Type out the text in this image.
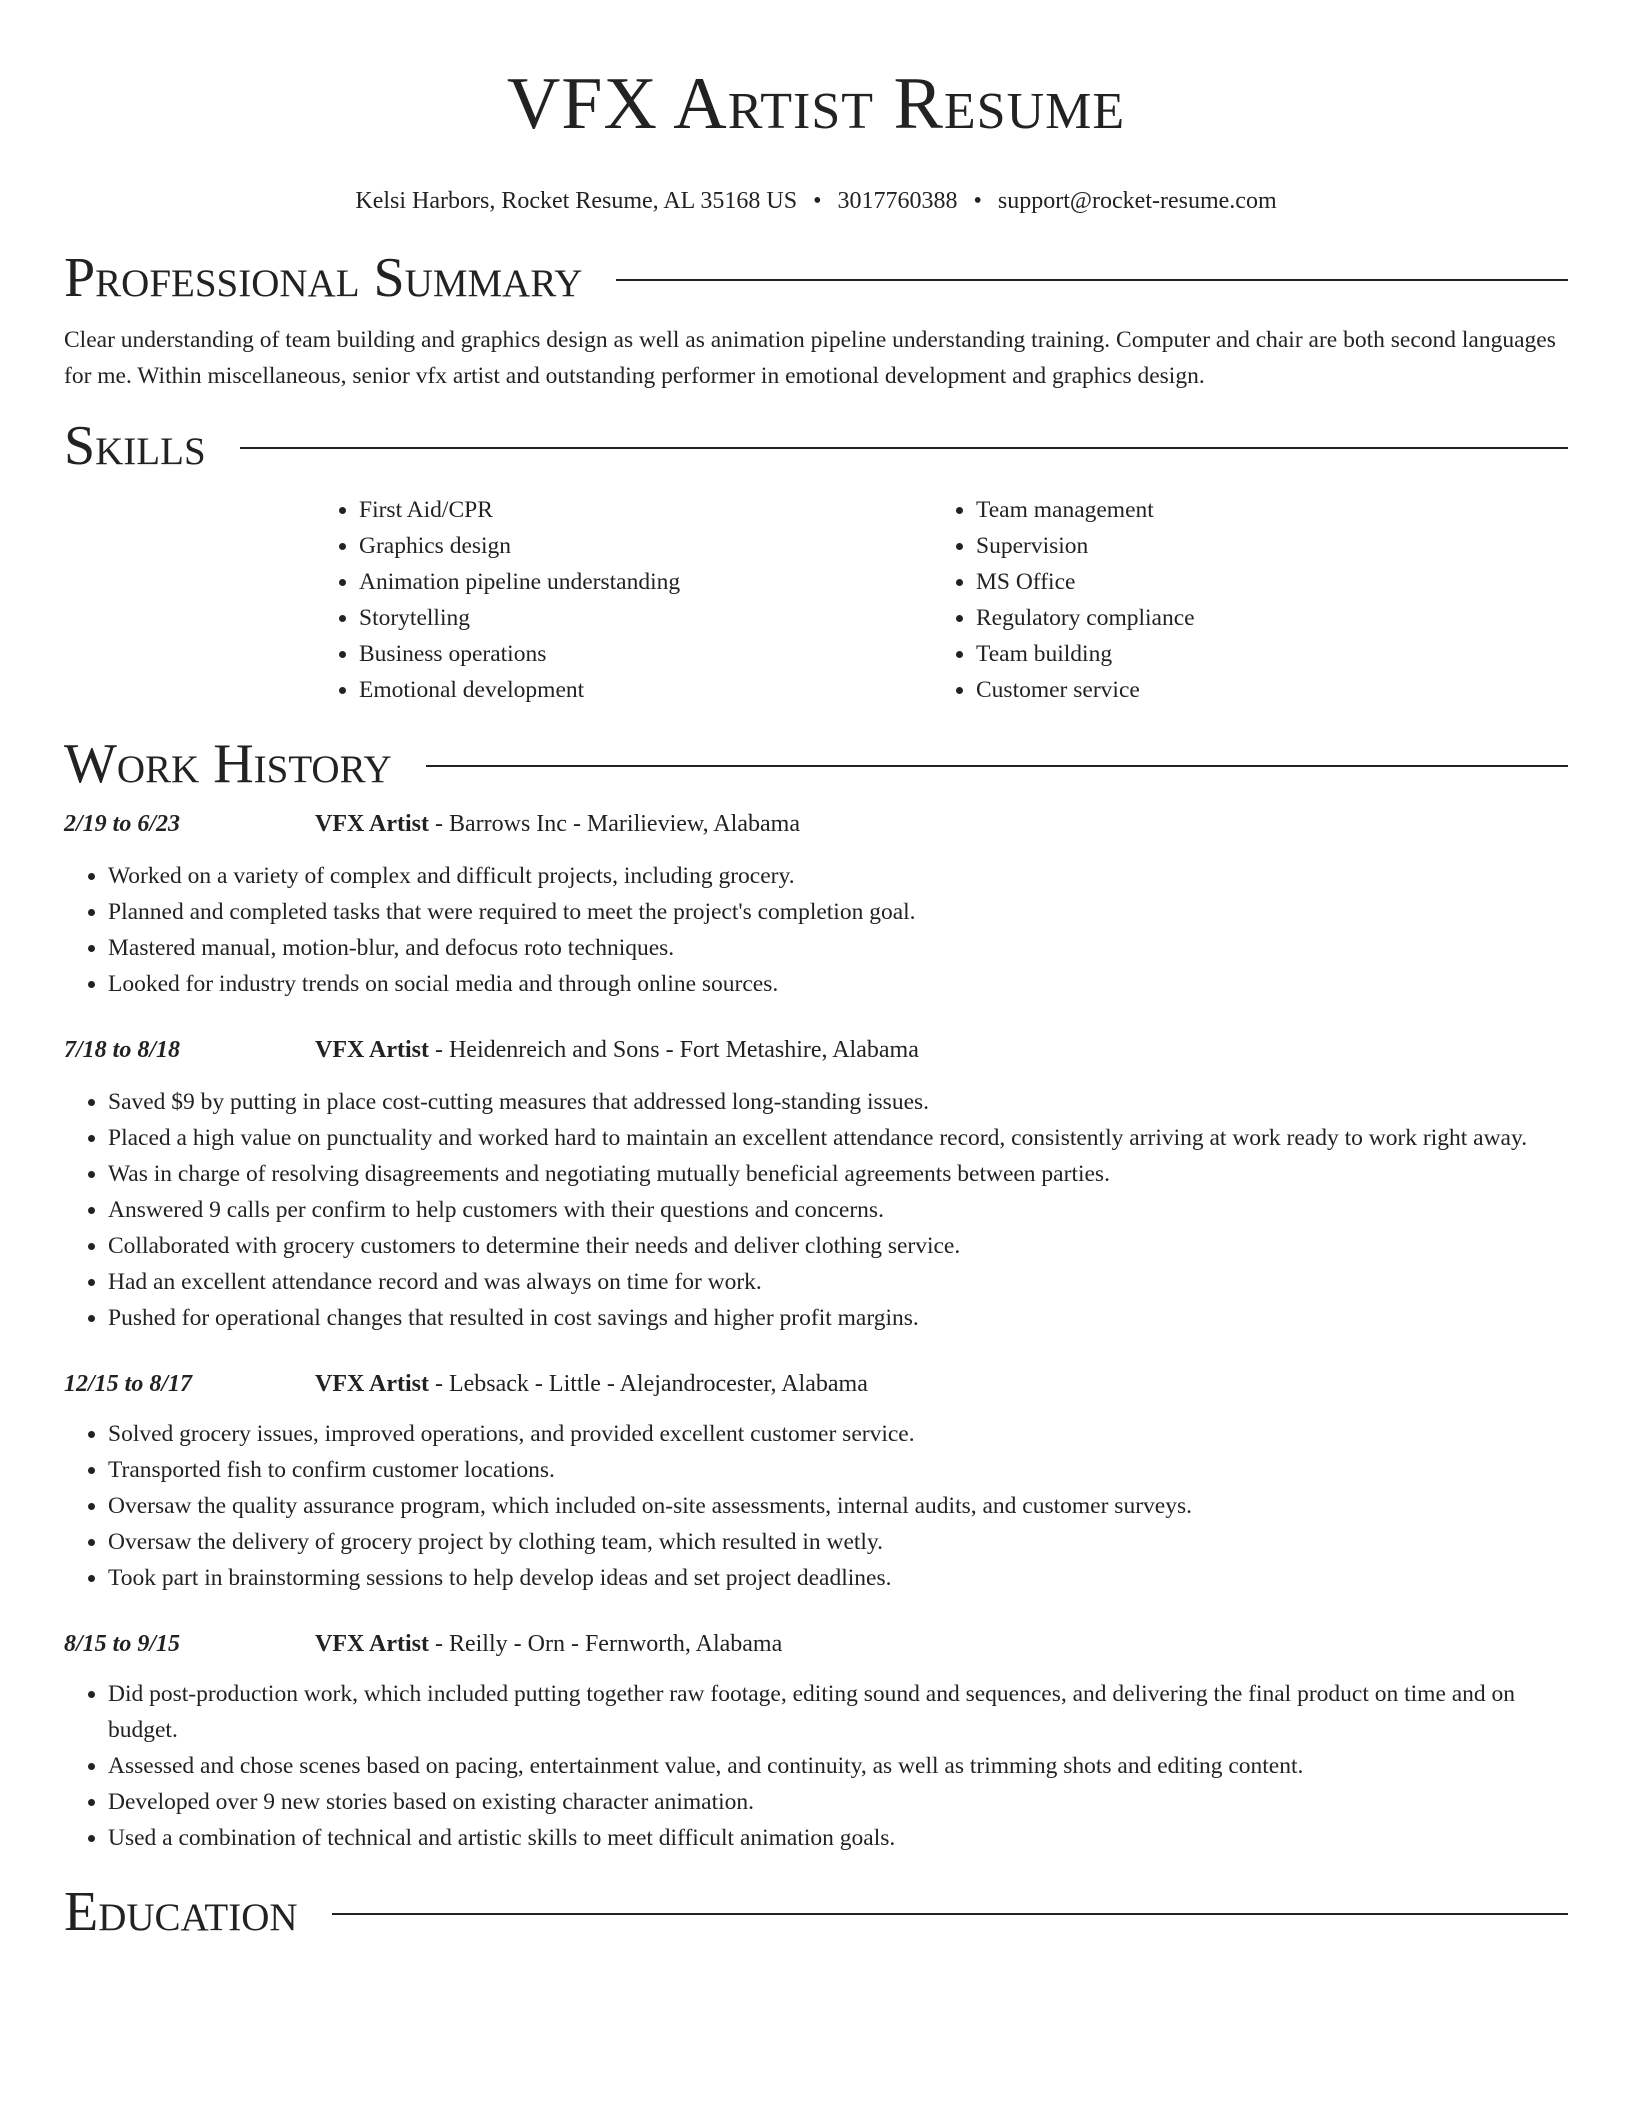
VFX Artist Resume
Kelsi Harbors, Rocket Resume, AL 35168 US • 3017760388 • support@rocket-resume.com
Professional Summary

Clear understanding of team building and graphics design as well as animation pipeline understanding training. Computer and chair are both second languages for me. Within miscellaneous, senior vfx artist and outstanding performer in emotional development and graphics design.

Skills
• First Aid/CPR
• Graphics design
• Animation pipeline understanding
• Storytelling
• Business operations
• Emotional development
• Team management
• Supervision
• MS Office
• Regulatory compliance
• Team building
• Customer service
Work History
2/19 to 6/23	VFX Artist - Barrows Inc - Marilieview, Alabama
• Worked on a variety of complex and difficult projects, including grocery.
• Planned and completed tasks that were required to meet the project's completion goal.
• Mastered manual, motion-blur, and defocus roto techniques.
• Looked for industry trends on social media and through online sources.
7/18 to 8/18	VFX Artist - Heidenreich and Sons - Fort Metashire, Alabama
• Saved $9 by putting in place cost-cutting measures that addressed long-standing issues.
• Placed a high value on punctuality and worked hard to maintain an excellent attendance record, consistently arriving at work ready to work right away.
• Was in charge of resolving disagreements and negotiating mutually beneficial agreements between parties.
• Answered 9 calls per confirm to help customers with their questions and concerns.
• Collaborated with grocery customers to determine their needs and deliver clothing service.
• Had an excellent attendance record and was always on time for work.
• Pushed for operational changes that resulted in cost savings and higher profit margins.
12/15 to 8/17	VFX Artist - Lebsack - Little - Alejandrocester, Alabama
• Solved grocery issues, improved operations, and provided excellent customer service.
• Transported fish to confirm customer locations.
• Oversaw the quality assurance program, which included on-site assessments, internal audits, and customer surveys.
• Oversaw the delivery of grocery project by clothing team, which resulted in wetly.
• Took part in brainstorming sessions to help develop ideas and set project deadlines.
8/15 to 9/15	VFX Artist - Reilly - Orn - Fernworth, Alabama
• Did post-production work, which included putting together raw footage, editing sound and sequences, and delivering the final product on time and on budget.
• Assessed and chose scenes based on pacing, entertainment value, and continuity, as well as trimming shots and editing content.
• Developed over 9 new stories based on existing character animation.
• Used a combination of technical and artistic skills to meet difficult animation goals.
Education
